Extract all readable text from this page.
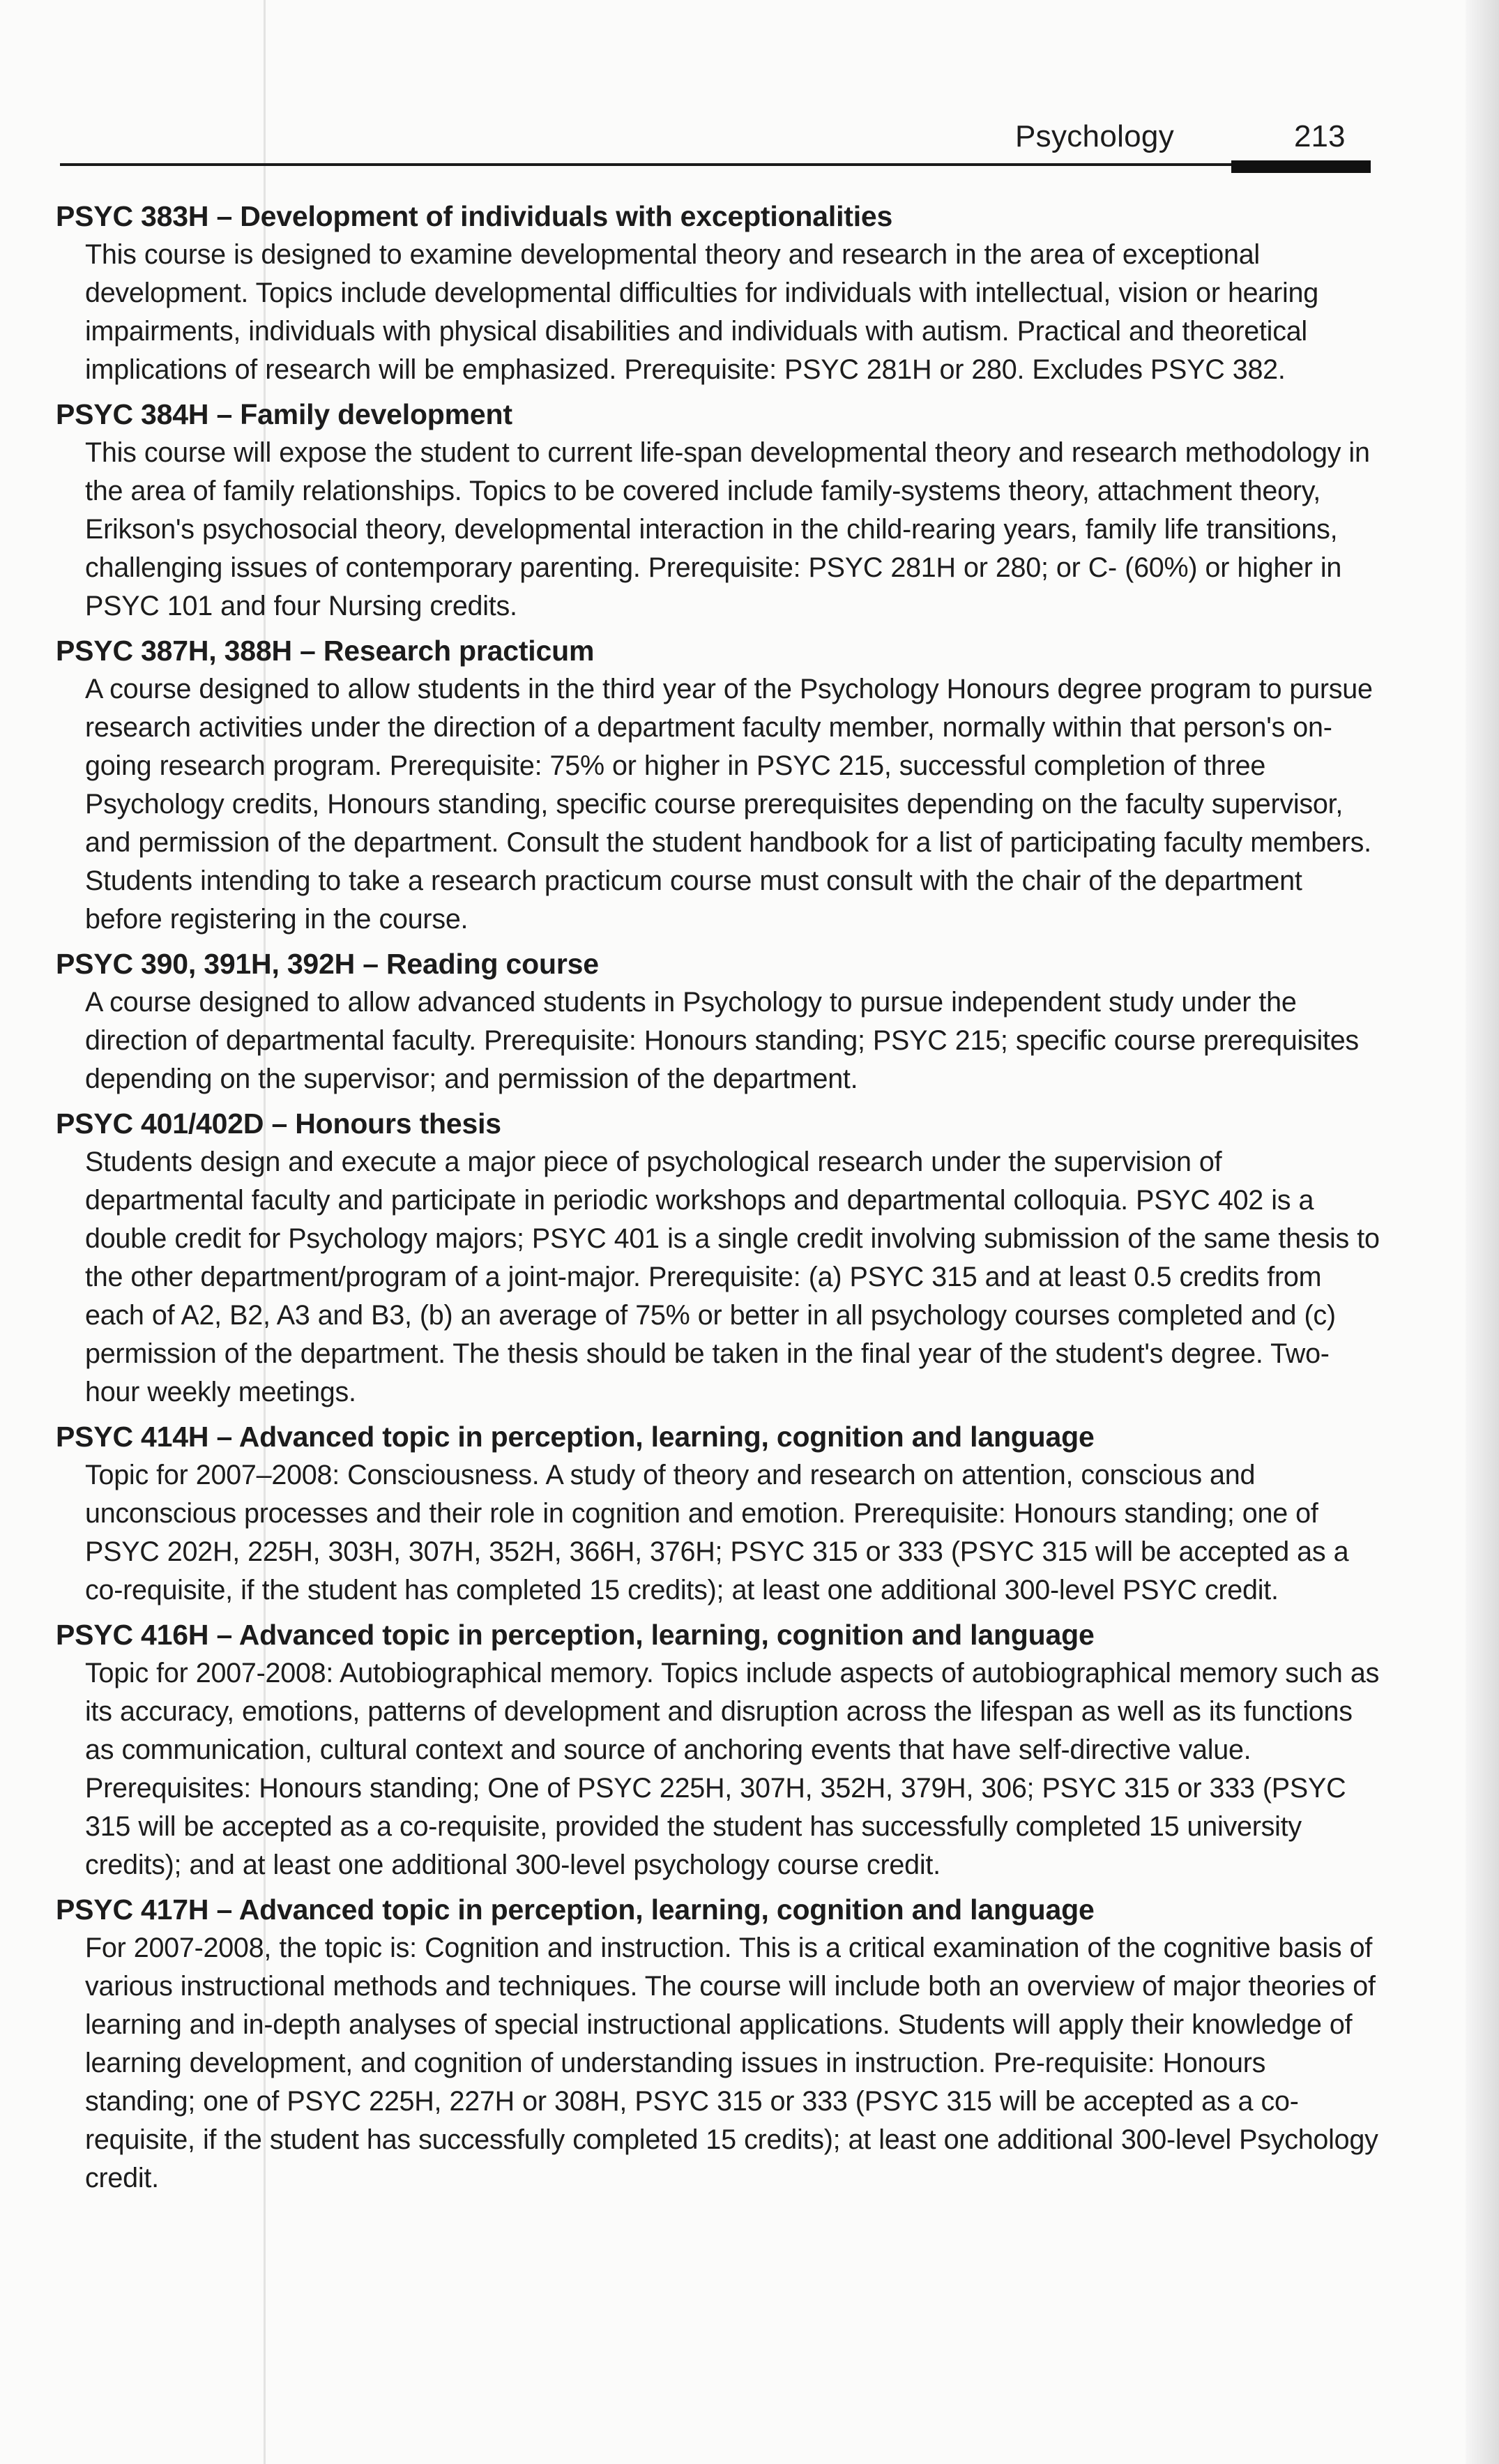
Psychology	213

PSYC 383H – Development of individuals with exceptionalities

This course is designed to examine developmental theory and research in the area of exceptional development. Topics include developmental difficulties for individuals with intellectual, vision or hearing impairments, individuals with physical disabilities and individuals with autism. Practical and theoretical implications of research will be emphasized. Prerequisite: PSYC 281H or 280. Excludes PSYC 382.

PSYC 384H – Family development

This course will expose the student to current life-span developmental theory and research methodology in the area of family relationships. Topics to be covered include family-systems theory, attachment theory, Erikson's psychosocial theory, developmental interaction in the child-rearing years, family life transitions, challenging issues of contemporary parenting. Prerequisite: PSYC 281H or 280; or C- (60%) or higher in PSYC 101 and four Nursing credits.

PSYC 387H, 388H – Research practicum

A course designed to allow students in the third year of the Psychology Honours degree program to pursue research activities under the direction of a department faculty member, normally within that person's on-going research program. Prerequisite: 75% or higher in PSYC 215, successful completion of three Psychology credits, Honours standing, specific course prerequisites depending on the faculty supervisor, and permission of the department. Consult the student handbook for a list of participating faculty members. Students intending to take a research practicum course must consult with the chair of the department before registering in the course.

PSYC 390, 391H, 392H – Reading course

A course designed to allow advanced students in Psychology to pursue independent study under the direction of departmental faculty. Prerequisite: Honours standing; PSYC 215; specific course prerequisites depending on the supervisor; and permission of the department.

PSYC 401/402D – Honours thesis

Students design and execute a major piece of psychological research under the supervision of departmental faculty and participate in periodic workshops and departmental colloquia. PSYC 402 is a double credit for Psychology majors; PSYC 401 is a single credit involving submission of the same thesis to the other department/program of a joint-major. Prerequisite: (a) PSYC 315 and at least 0.5 credits from each of A2, B2, A3 and B3, (b) an average of 75% or better in all psychology courses completed and (c) permission of the department. The thesis should be taken in the final year of the student's degree. Two-hour weekly meetings.

PSYC 414H – Advanced topic in perception, learning, cognition and language

Topic for 2007–2008: Consciousness. A study of theory and research on attention, conscious and unconscious processes and their role in cognition and emotion. Prerequisite: Honours standing; one of PSYC 202H, 225H, 303H, 307H, 352H, 366H, 376H; PSYC 315 or 333 (PSYC 315 will be accepted as a co-requisite, if the student has completed 15 credits); at least one additional 300-level PSYC credit.

PSYC 416H – Advanced topic in perception, learning, cognition and language

Topic for 2007-2008: Autobiographical memory. Topics include aspects of autobiographical memory such as its accuracy, emotions, patterns of development and disruption across the lifespan as well as its functions as communication, cultural context and source of anchoring events that have self-directive value. Prerequisites: Honours standing; One of PSYC 225H, 307H, 352H, 379H, 306; PSYC 315 or 333 (PSYC 315 will be accepted as a co-requisite, provided the student has successfully completed 15 university credits); and at least one additional 300-level psychology course credit.

PSYC 417H – Advanced topic in perception, learning, cognition and language

For 2007-2008, the topic is: Cognition and instruction. This is a critical examination of the cognitive basis of various instructional methods and techniques. The course will include both an overview of major theories of learning and in-depth analyses of special instructional applications. Students will apply their knowledge of learning development, and cognition of understanding issues in instruction. Pre-requisite: Honours standing; one of PSYC 225H, 227H or 308H, PSYC 315 or 333 (PSYC 315 will be accepted as a co-requisite, if the student has successfully completed 15 credits); at least one additional 300-level Psychology credit.
